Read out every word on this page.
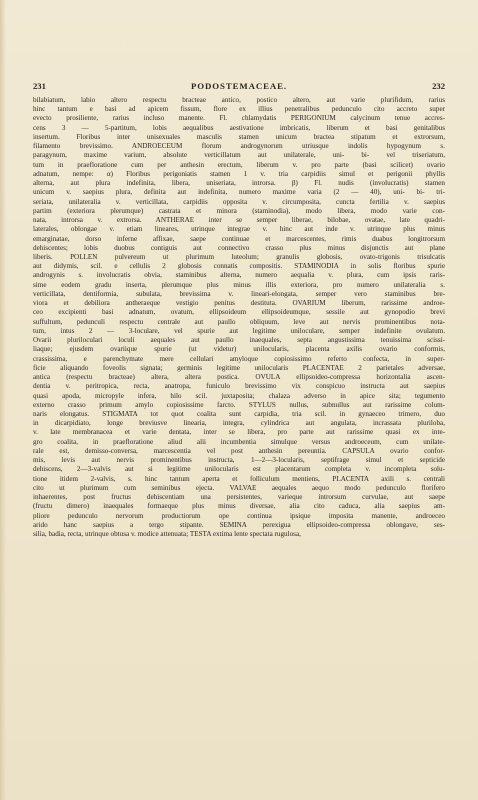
231	PODOSTEMACEAE.	232
bilabiatum, labio altero respectu bracteae antico, postico altero, aut varie plurifidum, rarius
hinc tantum e basi ad apicem fissum, flore ex illius penetralibus pedunculo cito accreto super
evecto prosiliente, rarius incluso manente. Fl. chlamydatis PERIGONIUM calycinum tenue accres-
cens 3 — 5-partitum, lobis aequalibus aestivatione imbricatis, liberum et basi genitalibus
insertum. Floribus inter unisexuales masculis stamen unicum bractea stipatum et extrorsum,
filamento brevissimo. ANDROECEUM florum androgynorum utriusque indolis hypogynum s.
paragynum, maxime varium, absolute verticillatum aut unilaterale, uni- bi- vel triseriatum,
tum in praefloratione cum per anthesin erectum, liberum v. pro parte (basi scilicet) ovario
adnatum, nempe: α) Floribus perigoniatis stamen 1 v. tria carpidiis simul et perigonii phyllis
alterna, aut plura indefinita, libera, uniseriata, introrsa. β) Fl. nudis (involucratis) stamen
unicum v. saepius plura, definita aut indefinita, numero maxime varia (2 — 40), uni- bi- tri-
seriata, unilateralia v. verticillata, carpidiis opposita v. circumposita, cuncta fertilia v. saepius
partim (exteriora plerumque) castrata et minora (staminodia), modo libera, modo varie con-
nata, introrsa v. extrorsa. ANTHERAE inter se semper liberae, bilobae, ovatae, late quadri-
laterales, oblongae v. etiam lineares, utrinque integrae v. hinc aut inde v. utrinque plus minus
emarginatae, dorso inferne affixae, saepe continuae et marcescentes, rimis duabus longitrorsum
dehiscentes; lobis duobus contiguis aut connectivo crasso plus minus disjunctis aut plane
liberis. POLLEN pulvereum ut plurimum luteolum; granulis globosis, ovato-trigonis trisulcatis
aut didymis, scil. e cellulis 2 globosis connatis compositis. STAMINODIA in solis floribus spurie
androgynis s. involucratis obvia, staminibus alterna, numero aequalia v. plura, cum ipsis raris-
sime eodem gradu inserta, plerumque plus minus illis exteriora, pro numero unilateralia s.
verticillata, dentiformia, subulata, brevissima v. lineari-elongata, semper vero staminibus bre-
viora et debiliora antheraeque vestigio penitus destituta. OVARIUM liberum, rarissime androe-
ceo excipienti basi adnatum, ovatum, ellipsoideum ellipsoideumque, sessile aut gynopodio brevi
suffultum, pedunculi respectu centrale aut paullo obliquum, leve aut nervis prominentibus nota-
tum, intus 2 — 3-loculare, vel spurie aut legitime uniloculare, semper indefinite ovulatum.
Ovarii pluriloculari loculi aequales aut paullo inaequales, septa angustissima tenuissima scissi-
liaque; ejusdem ovariique spurie (ut videtur) unilocularis, placenta axilis ovario conformis,
crassissima, e parenchymate mere cellulari amyloque copiosissimo referto confecta, in super-
ficie aliquando foveolis signata; germinis legitime unilocularis PLACENTAE 2 parietales adversae,
antica (respectu bracteae) altera, altera postica. OVULA ellipsoideo-compressa horizontalia ascen-
dentia v. peritropica, recta, anatropa, funiculo brevissimo vix conspicuo instructa aut saepius
quasi apoda, micropyle infera, hilo scil. juxtaposita; chalaza adverso in apice sita; tegumento
externo crasso primum amylo copiosissime farcto. STYLUS nullus, subnullus aut rarissime colum-
naris elongatus. STIGMATA tot quot coalita sunt carpidia, tria scil. in gynaeceo trimero, duo
in dicarpidiato, longe breviusve linearia, integra, cylindrica aut angulata, incrassata pluriloba,
v. late membranacea et varie dentata, inter se libera, pro parte aut rarissime quasi ex inte-
gro coalita, in praefloratione aliud alii incumbentia simulque versus androeceum, cum unilate-
rale est, demisso-conversa, marcescentia vel post anthesin pereuntia. CAPSULA ovario confor-
mis, levis aut nervis prominentibus instructa, 1—2—3-locularis, septifrage simul et septicide
dehiscens, 2—3-valvis aut si legitime unilocularis est placentarum completa v. incompleta solu-
tione itidem 2-valvis, s. hinc tantum aperta et folliculum mentiens, PLACENTA axili s. centrali
cito ut plurimum cum seminibus ejecta. VALVAE aequales aequo modo pedunculo florifero
inhaerentes, post fructus dehiscentiam una persistentes, varieque introrsum curvulae, aut saepe
(fructu dimero) inaequales formaeque plus minus diversae, alia cito caduca, alia saepius am-
pliore pedunculo nervorum productiorum ope continua ipsique imposita manente, androeceo
arido hanc saepius a tergo stipante. SEMINA perexigua ellipsoideo-compressa oblongave, ses-
silia, badia, recta, utrinque obtusa v. modice attenuata; TESTA extima lente spectata rugulosa,
